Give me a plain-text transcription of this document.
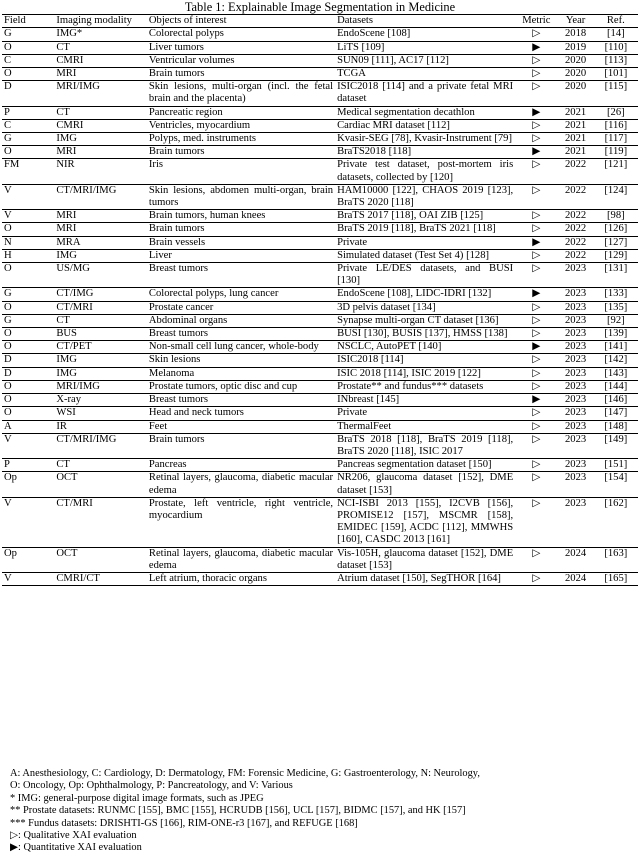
Table 1: Explainable Image Segmentation in Medicine
Field	Imaging modality	Objects of interest	Datasets	Metric	Year	Ref.
G	IMG*	Colorectal polyps	EndoScene [108]	▷	2018	[14]
O	CT	Liver tumors	LiTS [109]	▶	2019	[110]
C	CMRI	Ventricular volumes	SUN09 [111], AC17 [112]	▷	2020	[113]
O	MRI	Brain tumors	TCGA	▷	2020	[101]
D	MRI/IMG	Skin lesions, multi-organ (incl. the fetal brain and the placenta)	ISIC2018 [114] and a private fetal MRI dataset	▷	2020	[115]
P	CT	Pancreatic region	Medical segmentation decathlon	▶	2021	[26]
C	CMRI	Ventricles, myocardium	Cardiac MRI dataset [112]	▷	2021	[116]
G	IMG	Polyps, med. instruments	Kvasir-SEG [78], Kvasir-Instrument [79]	▷	2021	[117]
O	MRI	Brain tumors	BraTS2018 [118]	▶	2021	[119]
FM	NIR	Iris	Private test dataset, post-mortem iris datasets, collected by [120]	▷	2022	[121]
V	CT/MRI/IMG	Skin lesions, abdomen multi-organ, brain tumors	HAM10000 [122], CHAOS 2019 [123], BraTS 2020 [118]	▷	2022	[124]
V	MRI	Brain tumors, human knees	BraTS 2017 [118], OAI ZIB [125]	▷	2022	[98]
O	MRI	Brain tumors	BraTS 2019 [118], BraTS 2021 [118]	▷	2022	[126]
N	MRA	Brain vessels	Private	▶	2022	[127]
H	IMG	Liver	Simulated dataset (Test Set 4) [128]	▷	2022	[129]
O	US/MG	Breast tumors	Private LE/DES datasets, and BUSI [130]	▷	2023	[131]
G	CT/IMG	Colorectal polyps, lung cancer	EndoScene [108], LIDC-IDRI [132]	▶	2023	[133]
O	CT/MRI	Prostate cancer	3D pelvis dataset [134]	▷	2023	[135]
G	CT	Abdominal organs	Synapse multi-organ CT dataset [136]	▷	2023	[92]
O	BUS	Breast tumors	BUSI [130], BUSIS [137], HMSS [138]	▷	2023	[139]
O	CT/PET	Non-small cell lung cancer, whole-body	NSCLC, AutoPET [140]	▶	2023	[141]
D	IMG	Skin lesions	ISIC2018 [114]	▷	2023	[142]
D	IMG	Melanoma	ISIC 2018 [114], ISIC 2019 [122]	▷	2023	[143]
O	MRI/IMG	Prostate tumors, optic disc and cup	Prostate** and fundus*** datasets	▷	2023	[144]
O	X-ray	Breast tumors	INbreast [145]	▶	2023	[146]
O	WSI	Head and neck tumors	Private	▷	2023	[147]
A	IR	Feet	ThermalFeet	▷	2023	[148]
V	CT/MRI/IMG	Brain tumors	BraTS 2018 [118], BraTS 2019 [118], BraTS 2020 [118], ISIC 2017	▷	2023	[149]
P	CT	Pancreas	Pancreas segmentation dataset [150]	▷	2023	[151]
Op	OCT	Retinal layers, glaucoma, diabetic macular edema	NR206, glaucoma dataset [152], DME dataset [153]	▷	2023	[154]
V	CT/MRI	Prostate, left ventricle, right ventricle, myocardium	NCI-ISBI 2013 [155], I2CVB [156], PROMISE12 [157], MSCMR [158], EMIDEC [159], ACDC [112], MMWHS [160], CASDC 2013 [161]	▷	2023	[162]
Op	OCT	Retinal layers, glaucoma, diabetic macular edema	Vis-105H, glaucoma dataset [152], DME dataset [153]	▷	2024	[163]
V	CMRI/CT	Left atrium, thoracic organs	Atrium dataset [150], SegTHOR [164]	▷	2024	[165]
A: Anesthesiology, C: Cardiology, D: Dermatology, FM: Forensic Medicine, G: Gastroenterology, N: Neurology,
O: Oncology, Op: Ophthalmology, P: Pancreatology, and V: Various
* IMG: general-purpose digital image formats, such as JPEG
** Prostate datasets: RUNMC [155], BMC [155], HCRUDB [156], UCL [157], BIDMC [157], and HK [157]
*** Fundus datasets: DRISHTI-GS [166], RIM-ONE-r3 [167], and REFUGE [168]
▷: Qualitative XAI evaluation
▶: Quantitative XAI evaluation
